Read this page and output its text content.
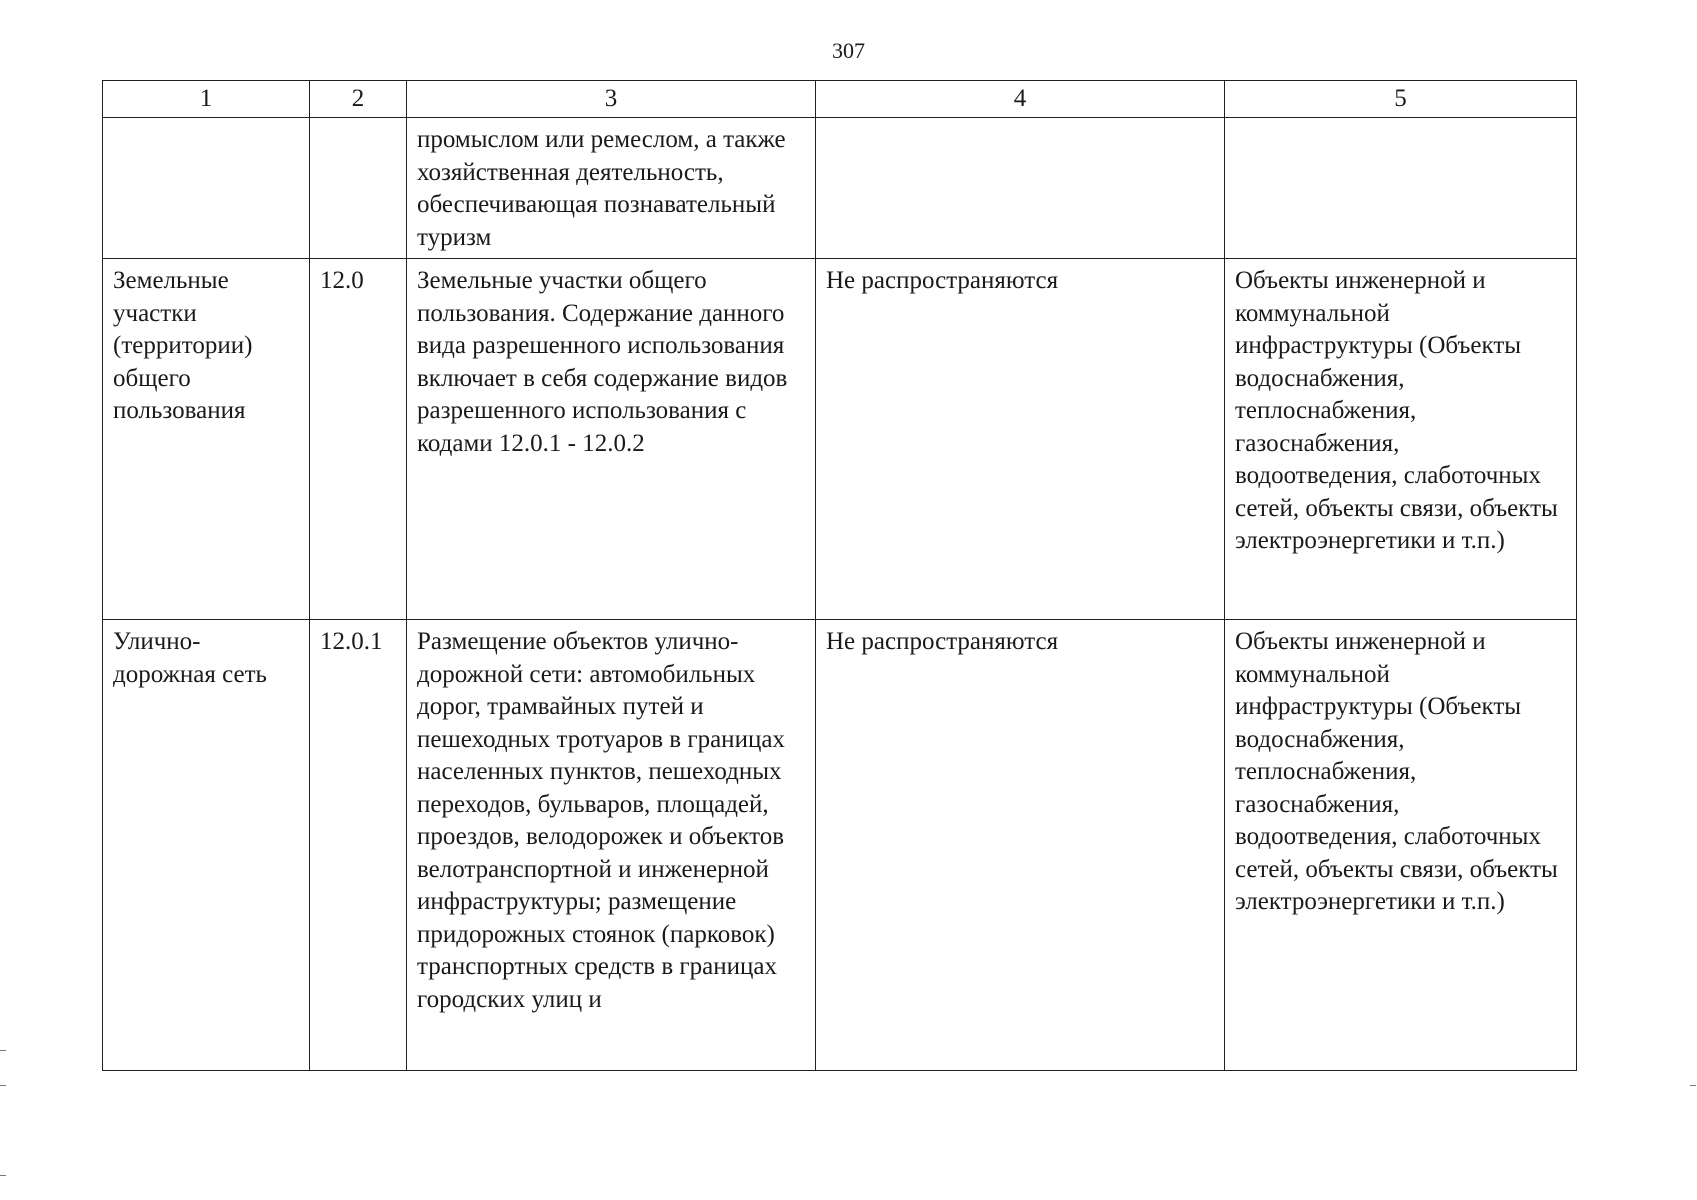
307
1	2	3	4	5
		промыслом или ремеслом, а также хозяйственная деятельность, обеспечивающая познавательный туризм		
Земельные участки (территории) общего пользования	12.0	Земельные участки общего пользования. Содержание данного вида разрешенного использования включает в себя содержание видов разрешенного использования с кодами 12.0.1 - 12.0.2	Не распространяются	Объекты инженерной и коммунальной инфраструктуры (Объекты водоснабжения, теплоснабжения, газоснабжения, водоотведения, слаботочных сетей, объекты связи, объекты электроэнергетики и т.п.)
Улично-дорожная сеть	12.0.1	Размещение объектов улично-дорожной сети: автомобильных дорог, трамвайных путей и пешеходных тротуаров в границах населенных пунктов, пешеходных переходов, бульваров, площадей, проездов, велодорожек и объектов велотранспортной и инженерной инфраструктуры; размещение придорожных стоянок (парковок) транспортных средств в границах городских улиц и	Не распространяются	Объекты инженерной и коммунальной инфраструктуры (Объекты водоснабжения, теплоснабжения, газоснабжения, водоотведения, слаботочных сетей, объекты связи, объекты электроэнергетики и т.п.)
